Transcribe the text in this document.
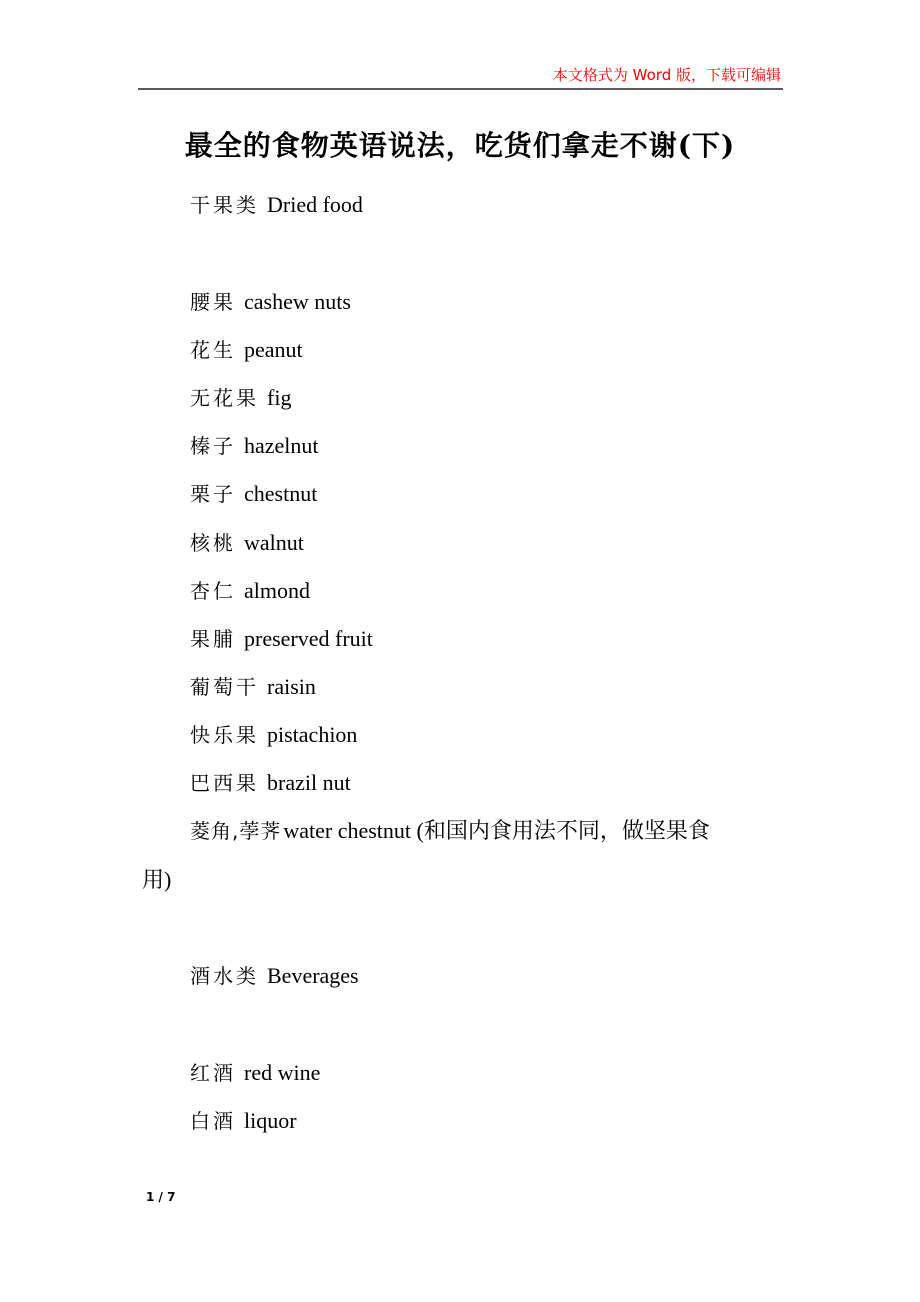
本文格式为 Word 版，下载可编辑
最全的食物英语说法，吃货们拿走不谢(下)
干果类 Dried food
腰果 cashew nuts
花生 peanut
无花果 fig
榛子 hazelnut
栗子 chestnut
核桃 walnut
杏仁 almond
果脯 preserved fruit
葡萄干 raisin
快乐果 pistachion
巴西果 brazil nut
菱角,荸荠water chestnut (和国内食用法不同，做坚果食
用)
酒水类 Beverages
红酒 red wine
白酒 liquor
1 / 7
